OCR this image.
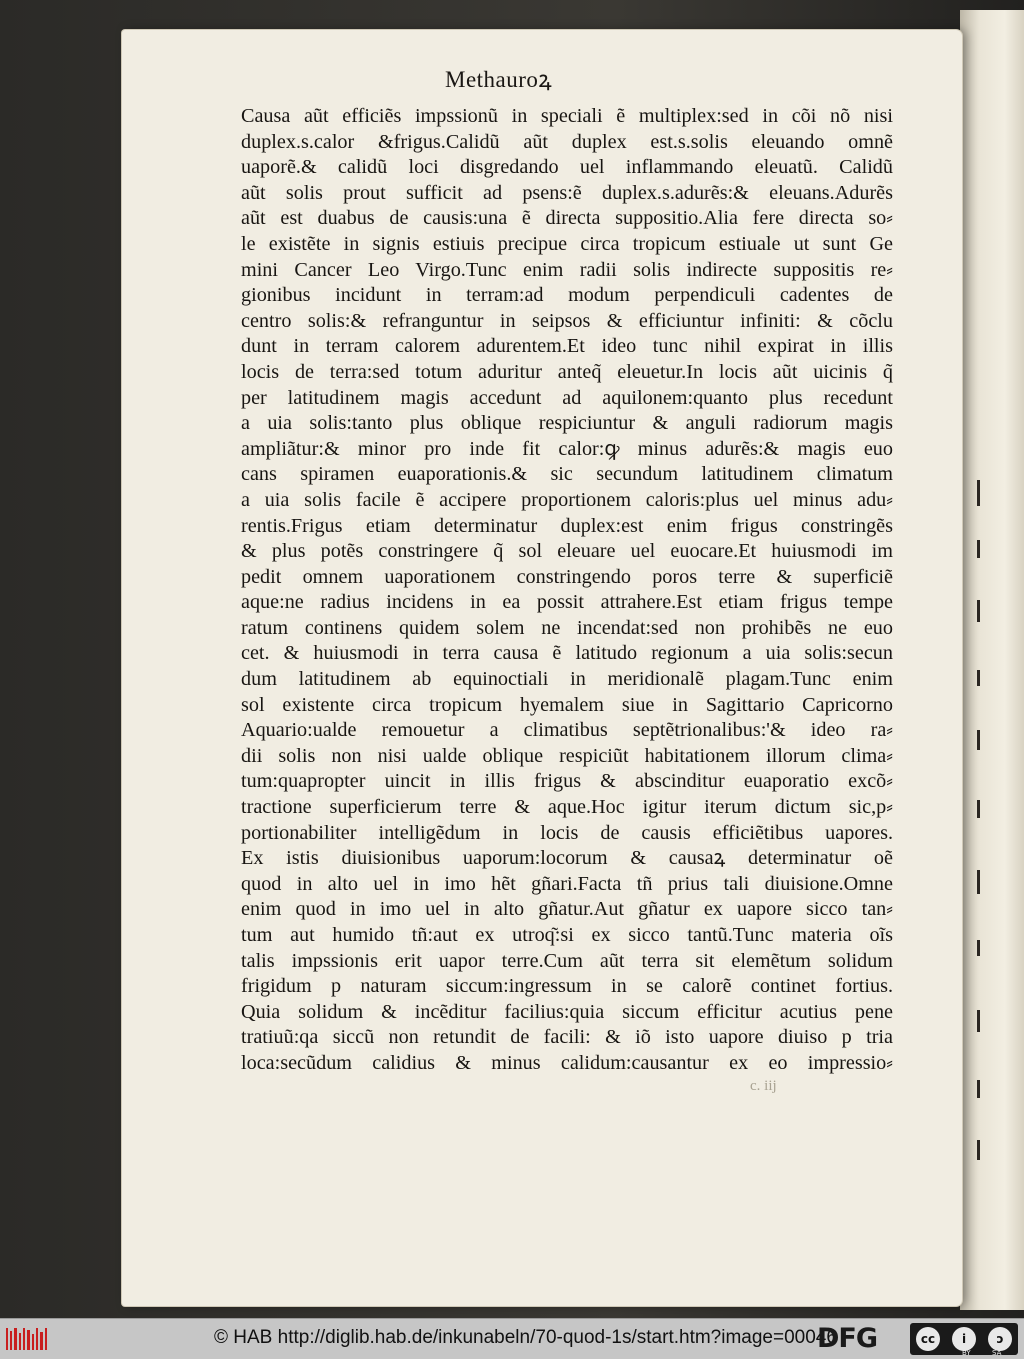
Methauroꝝ
Causa aũt efficiẽs impssionũ in speciali ẽ multiplex:sed in cõi nõ nisi
duplex.s.calor &frigus.Calidũ aũt duplex est.s.solis eleuando omnẽ
uaporẽ.& calidũ loci disgredando uel inflammando eleuatũ. Calidũ
aũt solis prout sufficit ad psens:ẽ duplex.s.adurẽs:& eleuans.Adurẽs
aũt est duabus de causis:una ẽ directa suppositio.Alia fere directa so⸗
le existẽte in signis estiuis precipue circa tropicum estiuale ut sunt Ge
mini Cancer Leo Virgo.Tunc enim radii solis indirecte suppositis re⸗
gionibus incidunt in terram:ad modum perpendiculi cadentes de
centro solis:& refranguntur in seipsos & efficiuntur infiniti: & cõclu
dunt in terram calorem adurentem.Et ideo tunc nihil expirat in illis
locis de terra:sed totum aduritur anteq̃ eleuetur.In locis aũt uicinis q̃
per latitudinem magis accedunt ad aquilonem:quanto plus recedunt
a uia solis:tanto plus oblique respiciuntur & anguli radiorum magis
ampliãtur:& minor pro inde fit calor:ꝙ minus adurẽs:& magis euo
cans spiramen euaporationis.& sic secundum latitudinem climatum
a uia solis facile ẽ accipere proportionem caloris:plus uel minus adu⸗
rentis.Frigus etiam determinatur duplex:est enim frigus constringẽs
& plus potẽs constringere q̃ sol eleuare uel euocare.Et huiusmodi im
pedit omnem uaporationem constringendo poros terre & superficiẽ
aque:ne radius incidens in ea possit attrahere.Est etiam frigus tempe
ratum continens quidem solem ne incendat:sed non prohibẽs ne euo
cet. & huiusmodi in terra causa ẽ latitudo regionum a uia solis:secun
dum latitudinem ab equinoctiali in meridionalẽ plagam.Tunc enim
sol existente circa tropicum hyemalem siue in Sagittario Capricorno
Aquario:ualde remouetur a climatibus septẽtrionalibus:'& ideo ra⸗
dii solis non nisi ualde oblique respiciũt habitationem illorum clima⸗
tum:quapropter uincit in illis frigus & abscinditur euaporatio excõ⸗
tractione superficierum terre & aque.Hoc igitur iterum dictum sic,p⸗
portionabiliter intelligẽdum in locis de causis efficiẽtibus uapores.
Ex istis diuisionibus uaporum:locorum & causaꝝ determinatur oẽ
quod in alto uel in imo hẽt gñari.Facta tñ prius tali diuisione.Omne
enim quod in imo uel in alto gñatur.Aut gñatur ex uapore sicco tan⸗
tum aut humido tñ:aut ex utroq͂:si ex sicco tantũ.Tunc materia oĩs
talis impssionis erit uapor terre.Cum aũt terra sit elemẽtum solidum
frigidum p naturam siccum:ingressum in se calorẽ continet fortius.
Quia solidum & incẽditur facilius:quia siccum efficitur acutius pene
tratiuũ:qa siccũ non retundit de facili: & iõ isto uapore diuiso p tria
loca:secũdum calidius & minus calidum:causantur ex eo impressio⸗
c. iij
© HAB http://diglib.hab.de/inkunabeln/70-quod-1s/start.htm?image=00046
DFG	cc	i	ↄ
BY	SA
